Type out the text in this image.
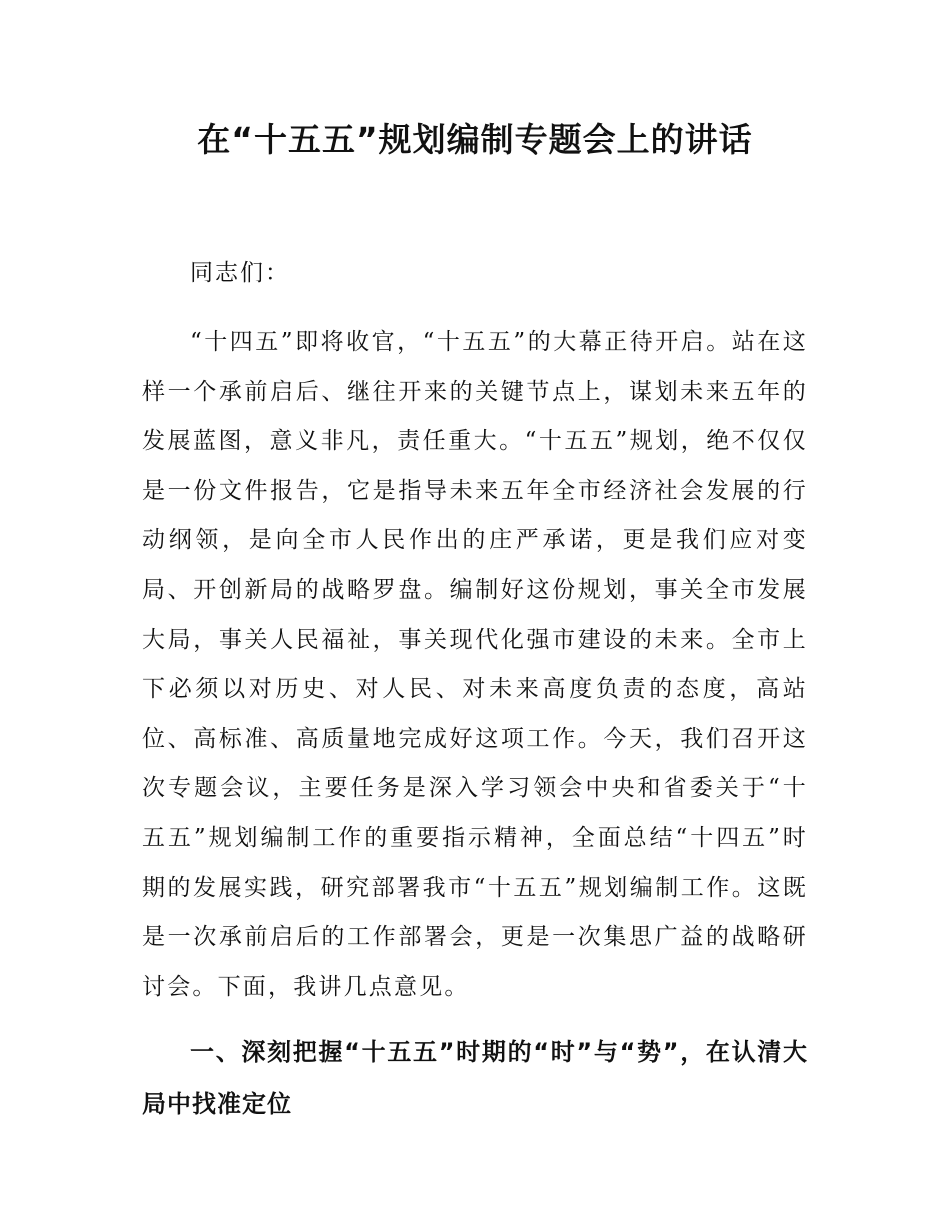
在“十五五”规划编制专题会上的讲话

同志们：

“十四五”即将收官，“十五五”的大幕正待开启。站在这样一个承前启后、继往开来的关键节点上，谋划未来五年的发展蓝图，意义非凡，责任重大。“十五五”规划，绝不仅仅是一份文件报告，它是指导未来五年全市经济社会发展的行动纲领，是向全市人民作出的庄严承诺，更是我们应对变局、开创新局的战略罗盘。编制好这份规划，事关全市发展大局，事关人民福祉，事关现代化强市建设的未来。全市上下必须以对历史、对人民、对未来高度负责的态度，高站位、高标准、高质量地完成好这项工作。今天，我们召开这次专题会议，主要任务是深入学习领会中央和省委关于“十五五”规划编制工作的重要指示精神，全面总结“十四五”时期的发展实践，研究部署我市“十五五”规划编制工作。这既是一次承前启后的工作部署会，更是一次集思广益的战略研讨会。下面，我讲几点意见。

一、深刻把握“十五五”时期的“时”与“势”，在认清大局中找准定位
